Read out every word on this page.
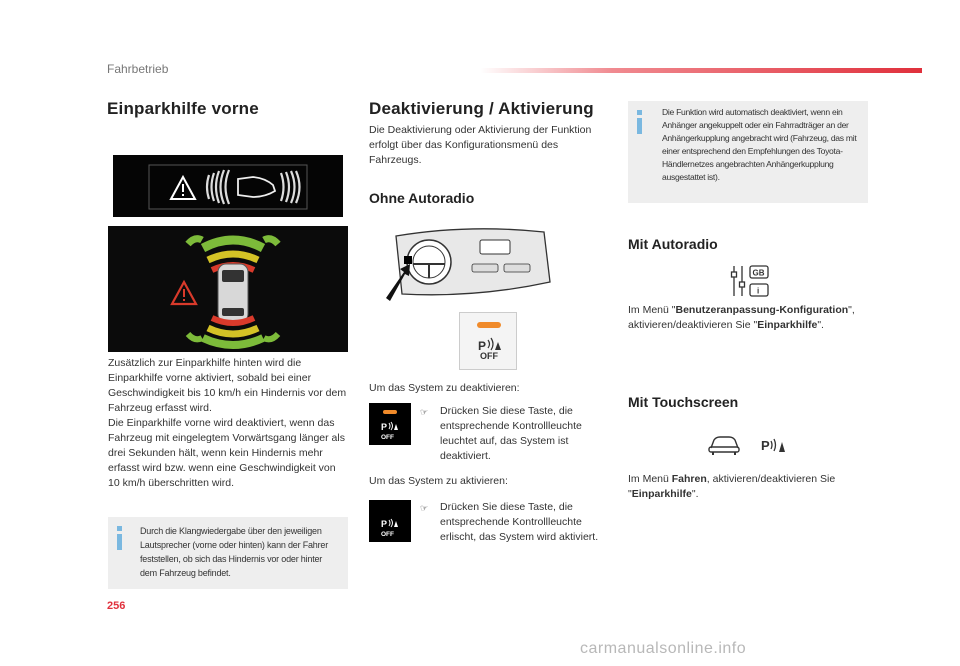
Fahrbetrieb
Einparkhilfe vorne
Zusätzlich zur Einparkhilfe hinten wird die Einparkhilfe vorne aktiviert, sobald bei einer Geschwindigkeit bis 10 km/h ein Hindernis vor dem Fahrzeug erfasst wird.
Die Einparkhilfe vorne wird deaktiviert, wenn das Fahrzeug mit eingelegtem Vorwärtsgang länger als drei Sekunden hält, wenn kein Hindernis mehr erfasst wird bzw. wenn eine Geschwindigkeit von 10 km/h überschritten wird.
Durch die Klangwiedergabe über den jeweiligen Lautsprecher (vorne oder hinten) kann der Fahrer feststellen, ob sich das Hindernis vor oder hinter dem Fahrzeug befindet.
256
Deaktivierung / Aktivierung
Die Deaktivierung oder Aktivierung der Funktion erfolgt über das Konfigurationsmenü des Fahrzeugs.
Ohne Autoradio
P
OFF
Um das System zu deaktivieren:
P
OFF
☞	Drücken Sie diese Taste, die entsprechende Kontrollleuchte leuchtet auf, das System ist deaktiviert.
Um das System zu aktivieren:
P
OFF
☞	Drücken Sie diese Taste, die entsprechende Kontrollleuchte erlischt, das System wird aktiviert.
Die Funktion wird automatisch deaktiviert, wenn ein Anhänger angekuppelt oder ein Fahrradträger an der Anhängerkupplung angebracht wird (Fahrzeug, das mit einer entsprechend den Empfehlungen des Toyota-Händlernetzes angebrachten Anhängerkupplung ausgestattet ist).
Mit Autoradio
GB
i
Im Menü "Benutzeranpassung-Konfiguration", aktivieren/deaktivieren Sie "Einparkhilfe".
Mit Touchscreen
P
Im Menü Fahren, aktivieren/deaktivieren Sie "Einparkhilfe".
carmanualsonline.info
